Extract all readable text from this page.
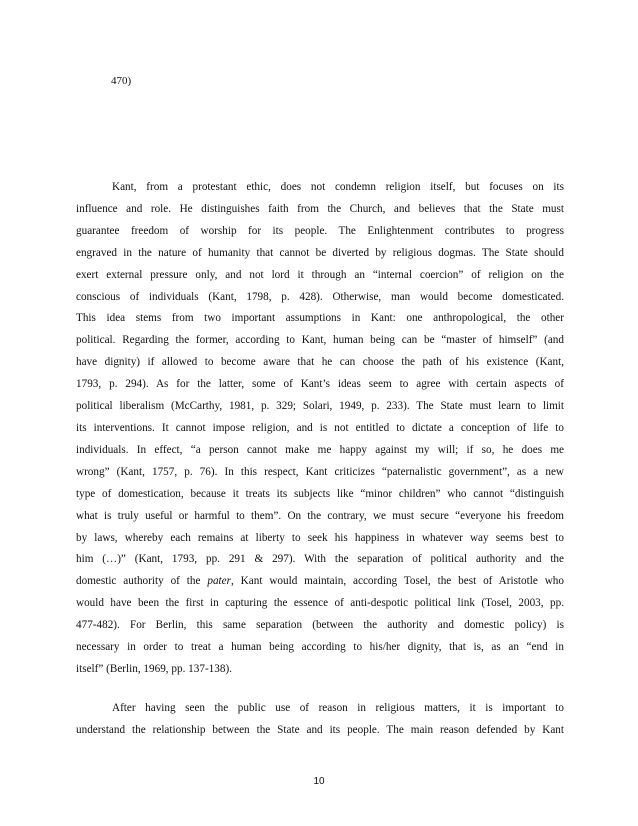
470)
Kant, from a protestant ethic, does not condemn religion itself, but focuses on its
influence and role. He distinguishes faith from the Church, and believes that the State must
guarantee freedom of worship for its people. The Enlightenment contributes to progress
engraved in the nature of humanity that cannot be diverted by religious dogmas. The State should
exert external pressure only, and not lord it through an “internal coercion” of religion on the
conscious of individuals (Kant, 1798, p. 428). Otherwise, man would become domesticated.
This idea stems from two important assumptions in Kant: one anthropological, the other
political. Regarding the former, according to Kant, human being can be “master of himself” (and
have dignity) if allowed to become aware that he can choose the path of his existence (Kant,
1793, p. 294). As for the latter, some of Kant’s ideas seem to agree with certain aspects of
political liberalism (McCarthy, 1981, p. 329; Solari, 1949, p. 233). The State must learn to limit
its interventions. It cannot impose religion, and is not entitled to dictate a conception of life to
individuals. In effect, “a person cannot make me happy against my will; if so, he does me
wrong” (Kant, 1757, p. 76). In this respect, Kant criticizes “paternalistic government”, as a new
type of domestication, because it treats its subjects like “minor children” who cannot “distinguish
what is truly useful or harmful to them”. On the contrary, we must secure “everyone his freedom
by laws, whereby each remains at liberty to seek his happiness in whatever way seems best to
him (…)” (Kant, 1793, pp. 291 & 297). With the separation of political authority and the
domestic authority of the pater, Kant would maintain, according Tosel, the best of Aristotle who
would have been the first in capturing the essence of anti-despotic political link (Tosel, 2003, pp.
477-482). For Berlin, this same separation (between the authority and domestic policy) is
necessary in order to treat a human being according to his/her dignity, that is, as an “end in
itself” (Berlin, 1969, pp. 137-138).
After having seen the public use of reason in religious matters, it is important to
understand the relationship between the State and its people. The main reason defended by Kant
10
